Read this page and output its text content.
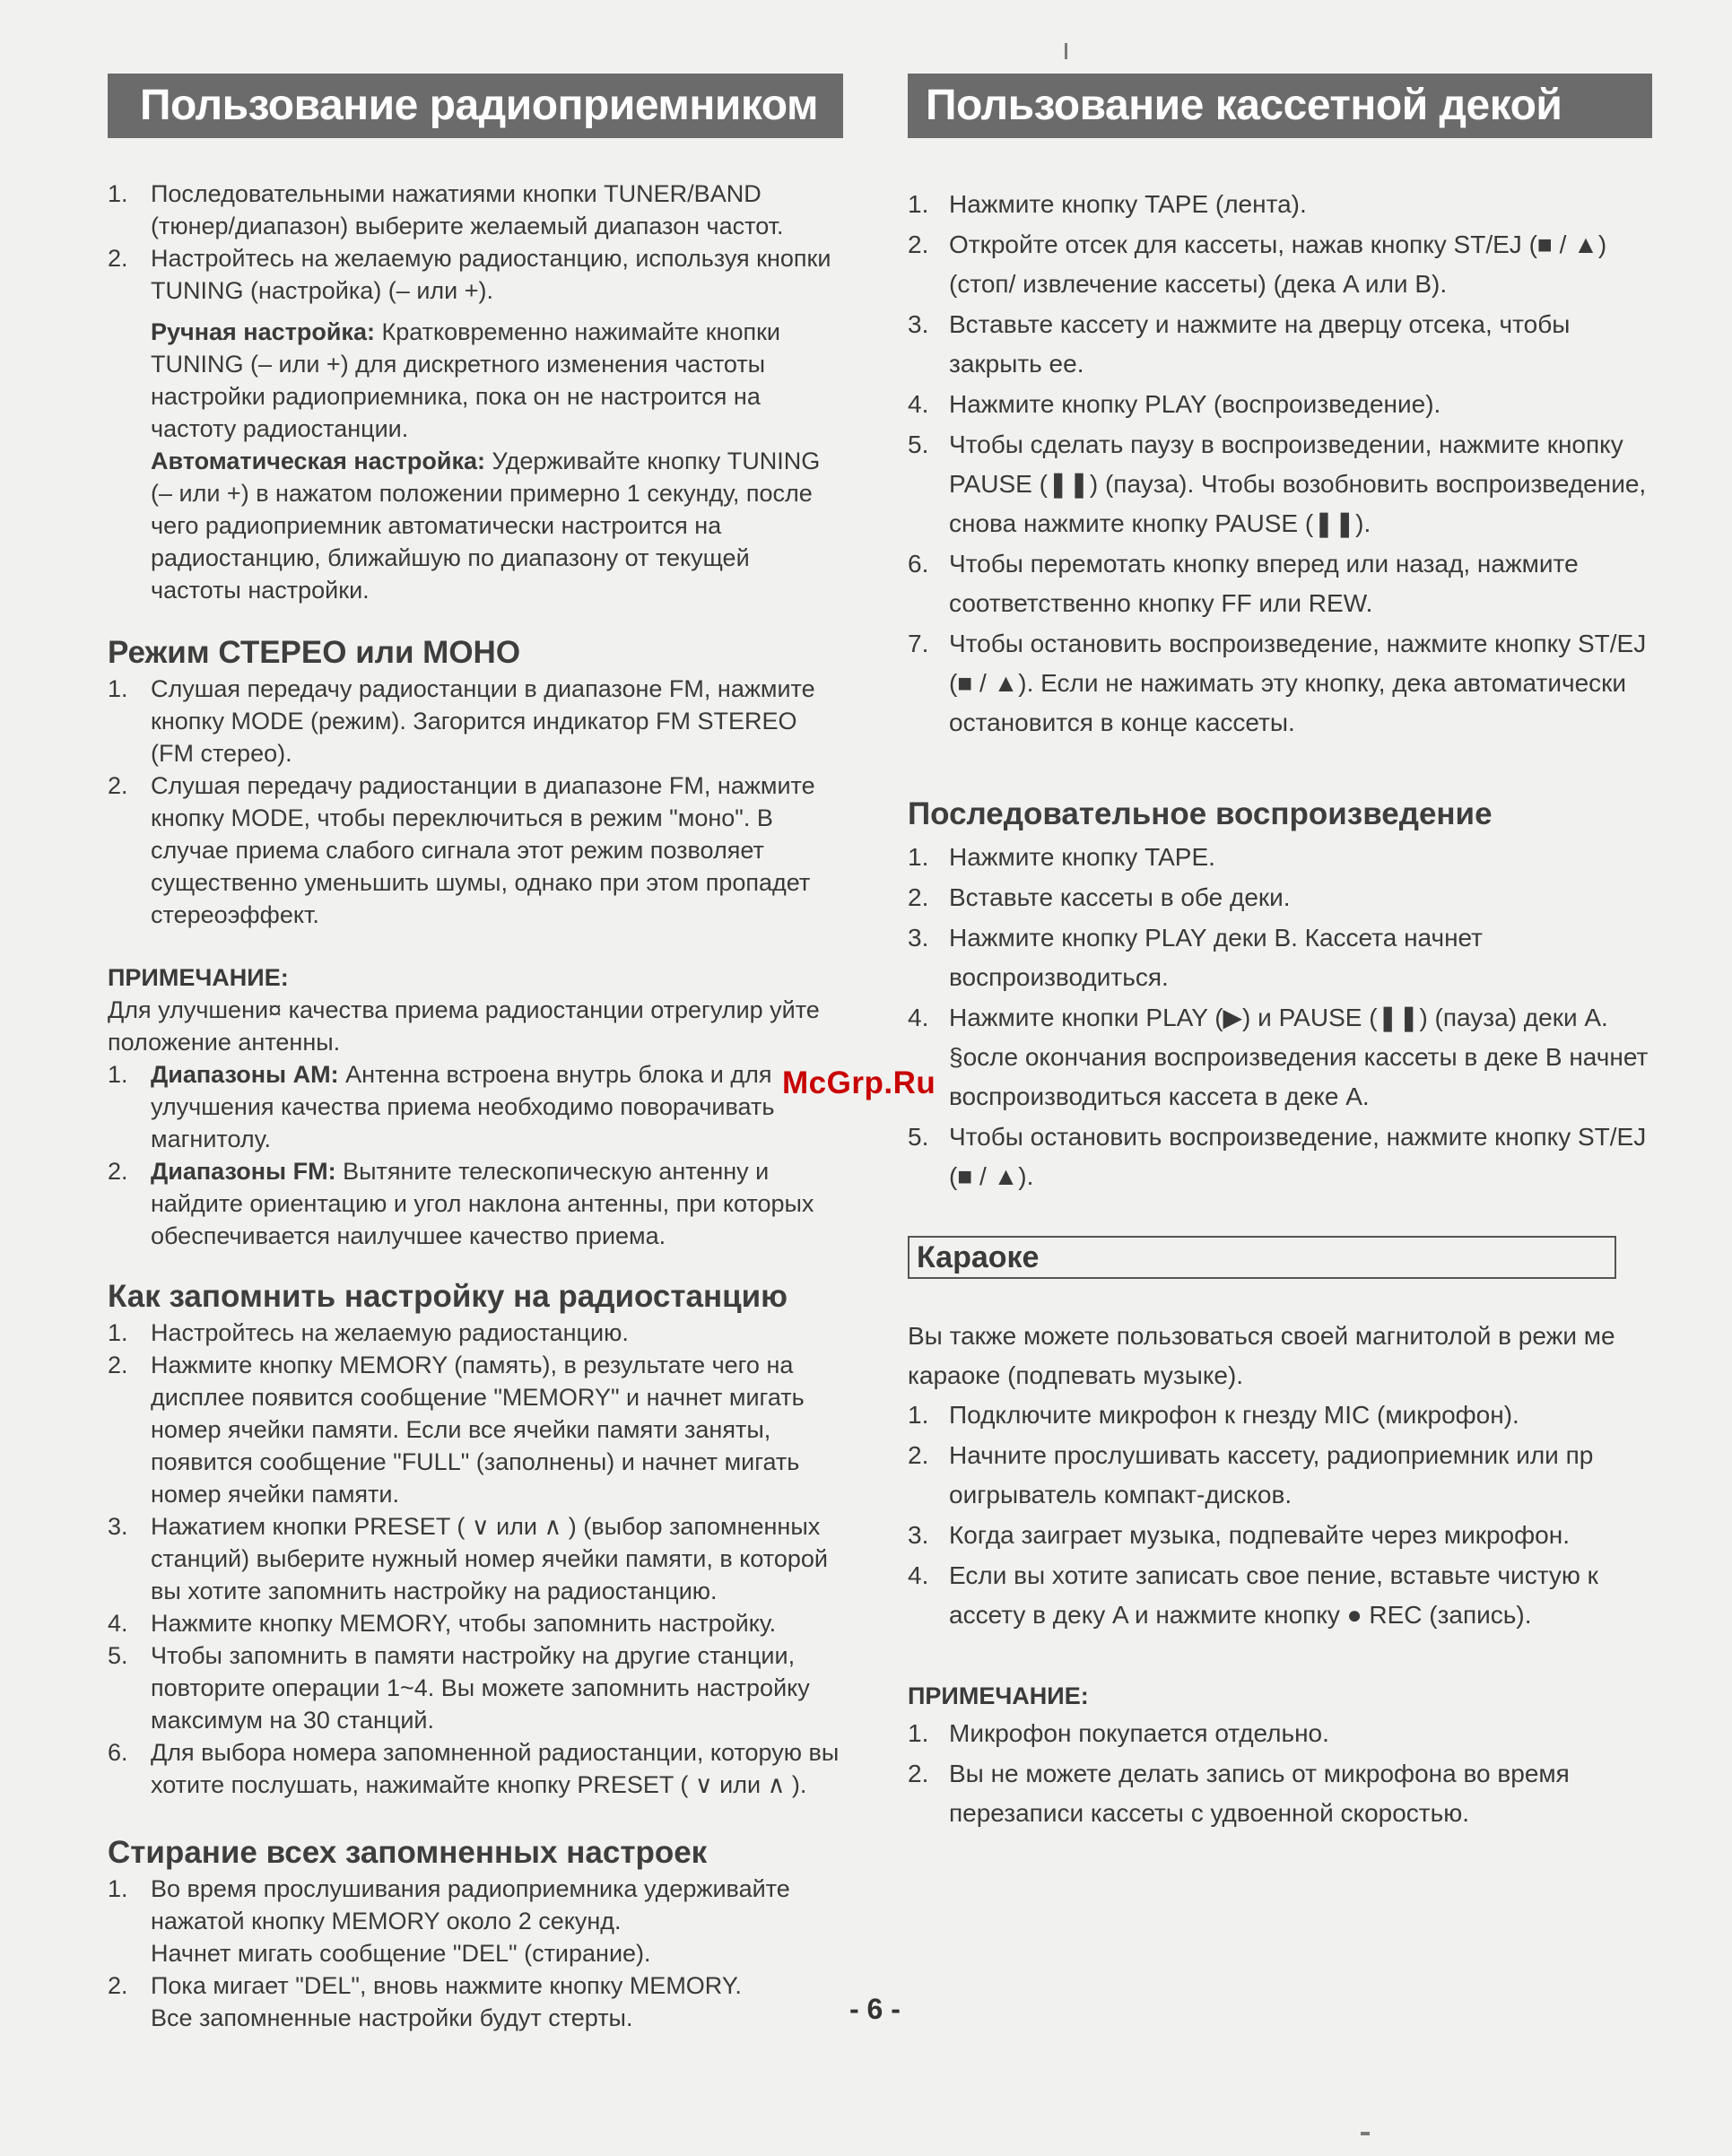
Пользование радиоприемником
1. Последовательными нажатиями кнопки TUNER/BAND (тюнер/диапазон) выберите желаемый диапазон частот.
2. Настройтесь на желаемую радиостанцию, используя кнопки TUNING (настройка) (– или +).

Ручная настройка: Кратковременно нажимайте кнопки TUNING (– или +) для дискретного изменения частоты настройки радиоприемника, пока он не настроится на частоту радиостанции.

Автоматическая настройка: Удерживайте кнопку TUNING (– или +) в нажатом положении примерно 1 секунду, после чего радиоприемник автоматически настроится на радиостанцию, ближайшую по диапазону от текущей частоты настройки.

Режим СТЕРЕО или МОНО
1. Слушая передачу радиостанции в диапазоне FM, нажмите кнопку MODE (режим). Загорится индикатор FM STEREO (FM стерео).
2. Слушая передачу радиостанции в диапазоне FM, нажмите кнопку MODE, чтобы переключиться в режим "моно". В случае приема слабого сигнала этот режим позволяет существенно уменьшить шумы, однако при этом пропадет стереоэффект.
ПРИМЕЧАНИЕ:
Для улучшени¤ качества приема радиостанции отрегулир уйте положение антенны.
1. Диапазоны AM: Антенна встроена внутрь блока и для улучшения качества приема необходимо поворачивать магнитолу.
2. Диапазоны FM: Вытяните телескопическую антенну и найдите ориентацию и угол наклона антенны, при которых обеспечивается наилучшее качество приема.
Как запомнить настройку на радиостанцию
1. Настройтесь на желаемую радиостанцию.
2. Нажмите кнопку MEMORY (память), в результате чего на дисплее появится сообщение "MEMORY" и начнет мигать номер ячейки памяти. Если все ячейки памяти заняты, появится сообщение "FULL" (заполнены) и начнет мигать номер ячейки памяти.
3. Нажатием кнопки PRESET ( ∨ или ∧ ) (выбор запомненных станций) выберите нужный номер ячейки памяти, в которой вы хотите запомнить настройку на радиостанцию.
4. Нажмите кнопку MEMORY, чтобы запомнить настройку.
5. Чтобы запомнить в памяти настройку на другие станции, повторите операции 1~4. Вы можете запомнить настройку максимум на 30 станций.
6. Для выбора номера запомненной радиостанции, которую вы хотите послушать, нажимайте кнопку PRESET ( ∨ или ∧ ).
Стирание всех запомненных настроек
1. Во время прослушивания радиоприемника удерживайте нажатой кнопку MEMORY около 2 секунд.
Начнет мигать сообщение "DEL" (стирание).
2. Пока мигает "DEL", вновь нажмите кнопку MEMORY.
Все запомненные настройки будут стерты.
Пользование кассетной декой
1. Нажмите кнопку TAPE (лента).
2. Откройте отсек для кассеты, нажав кнопку ST/EJ (■ / ▲) (стоп/ извлечение кассеты) (дека A или B).
3. Вставьте кассету и нажмите на дверцу отсека, чтобы закрыть ее.
4. Нажмите кнопку PLAY (воспроизведение).
5. Чтобы сделать паузу в воспроизведении, нажмите кнопку PAUSE (❚❚) (пауза). Чтобы возобновить воспроизведение, снова нажмите кнопку PAUSE (❚❚).
6. Чтобы перемотать кнопку вперед или назад, нажмите соответственно кнопку FF или REW.
7. Чтобы остановить воспроизведение, нажмите кнопку ST/EJ (■ / ▲). Если не нажимать эту кнопку, дека автоматически остановится в конце кассеты.
Последовательное воспроизведение
1. Нажмите кнопку TAPE.
2. Вставьте кассеты в обе деки.
3. Нажмите кнопку PLAY деки B. Кассета начнет воспроизводиться.
4. Нажмите кнопки PLAY (▶) и PAUSE (❚❚) (пауза) деки A. §осле окончания воспроизведения кассеты в деке B начнет воспроизводиться кассета в деке A.
5. Чтобы остановить воспроизведение, нажмите кнопку ST/EJ (■ / ▲).
Караоке
Вы также можете пользоваться своей магнитолой в режи ме караоке (подпевать музыке).
1. Подключите микрофон к гнезду MIC (микрофон).
2. Начните прослушивать кассету, радиоприемник или пр оигрыватель компакт-дисков.
3. Когда заиграет музыка, подпевайте через микрофон.
4. Если вы хотите записать свое пение, вставьте чистую к ассету в деку A и нажмите кнопку ● REC (запись).
ПРИМЕЧАНИЕ:
1. Микрофон покупается отдельно.
2. Вы не можете делать запись от микрофона во время перезаписи кассеты с удвоенной скоростью.
McGrp.Ru
- 6 -
